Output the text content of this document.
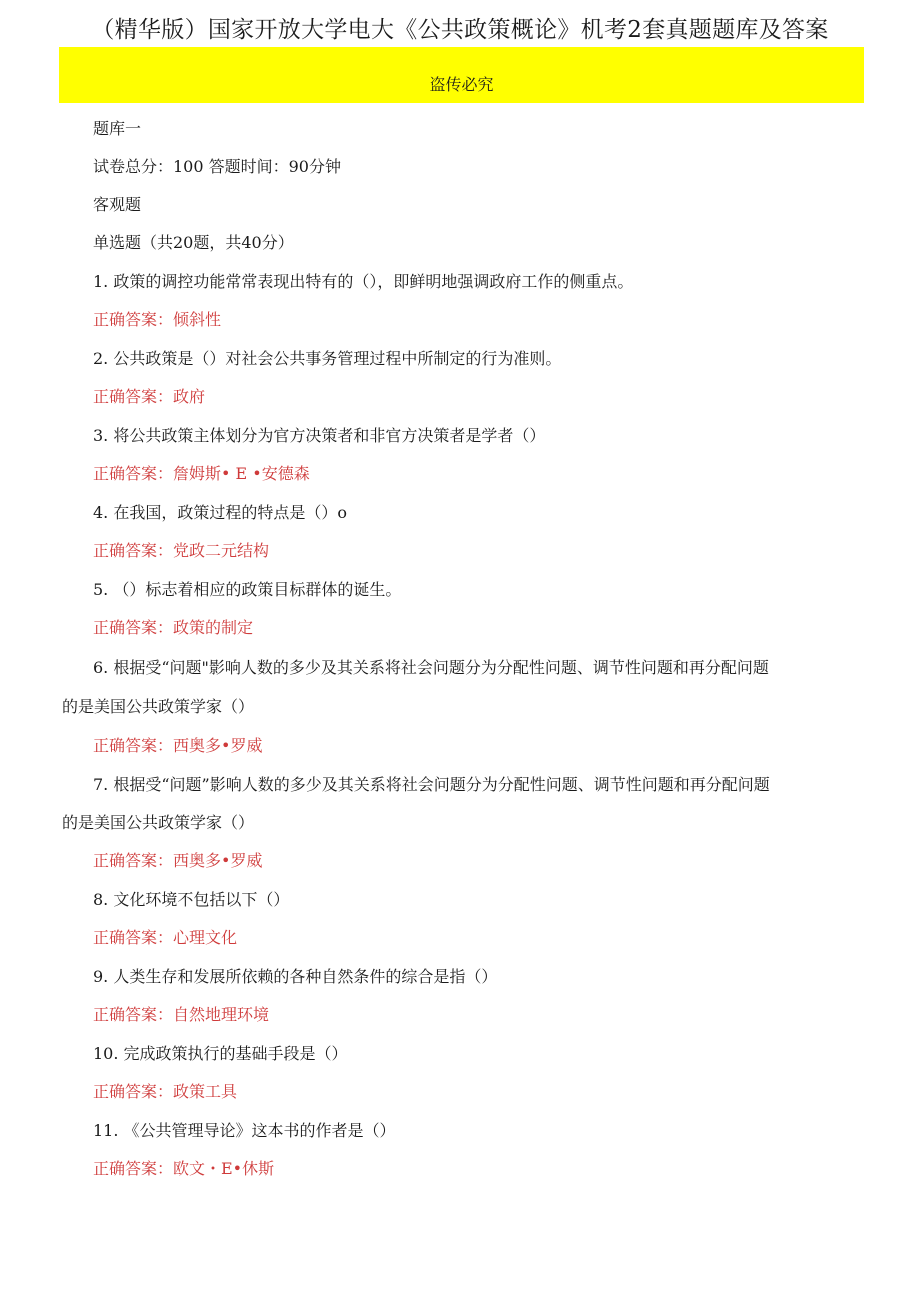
（精华版）国家开放大学电大《公共政策概论》机考2套真题题库及答案
盗传必究
题库一
试卷总分：100 答题时间：90分钟
客观题
单选题（共20题，共40分）
1. 政策的调控功能常常表现出特有的（），即鲜明地强调政府工作的侧重点。
正确答案：倾斜性
2. 公共政策是（）对社会公共事务管理过程中所制定的行为准则。
正确答案：政府
3. 将公共政策主体划分为官方决策者和非官方决策者是学者（）
正确答案：詹姆斯• E •安德森
4. 在我国，政策过程的特点是（）o
正确答案：党政二元结构
5. （）标志着相应的政策目标群体的诞生。
正确答案：政策的制定
6. 根据受“问题"影响人数的多少及其关系将社会问题分为分配性问题、调节性问题和再分配问题
的是美国公共政策学家（）
正确答案：西奥多•罗威
7. 根据受“问题”影响人数的多少及其关系将社会问题分为分配性问题、调节性问题和再分配问题
的是美国公共政策学家（）
正确答案：西奥多•罗威
8. 文化环境不包括以下（）
正确答案：心理文化
9. 人类生存和发展所依赖的各种自然条件的综合是指（）
正确答案：自然地理环境
10. 完成政策执行的基础手段是（）
正确答案：政策工具
11. 《公共管理导论》这本书的作者是（）
正确答案：欧文・E•休斯
